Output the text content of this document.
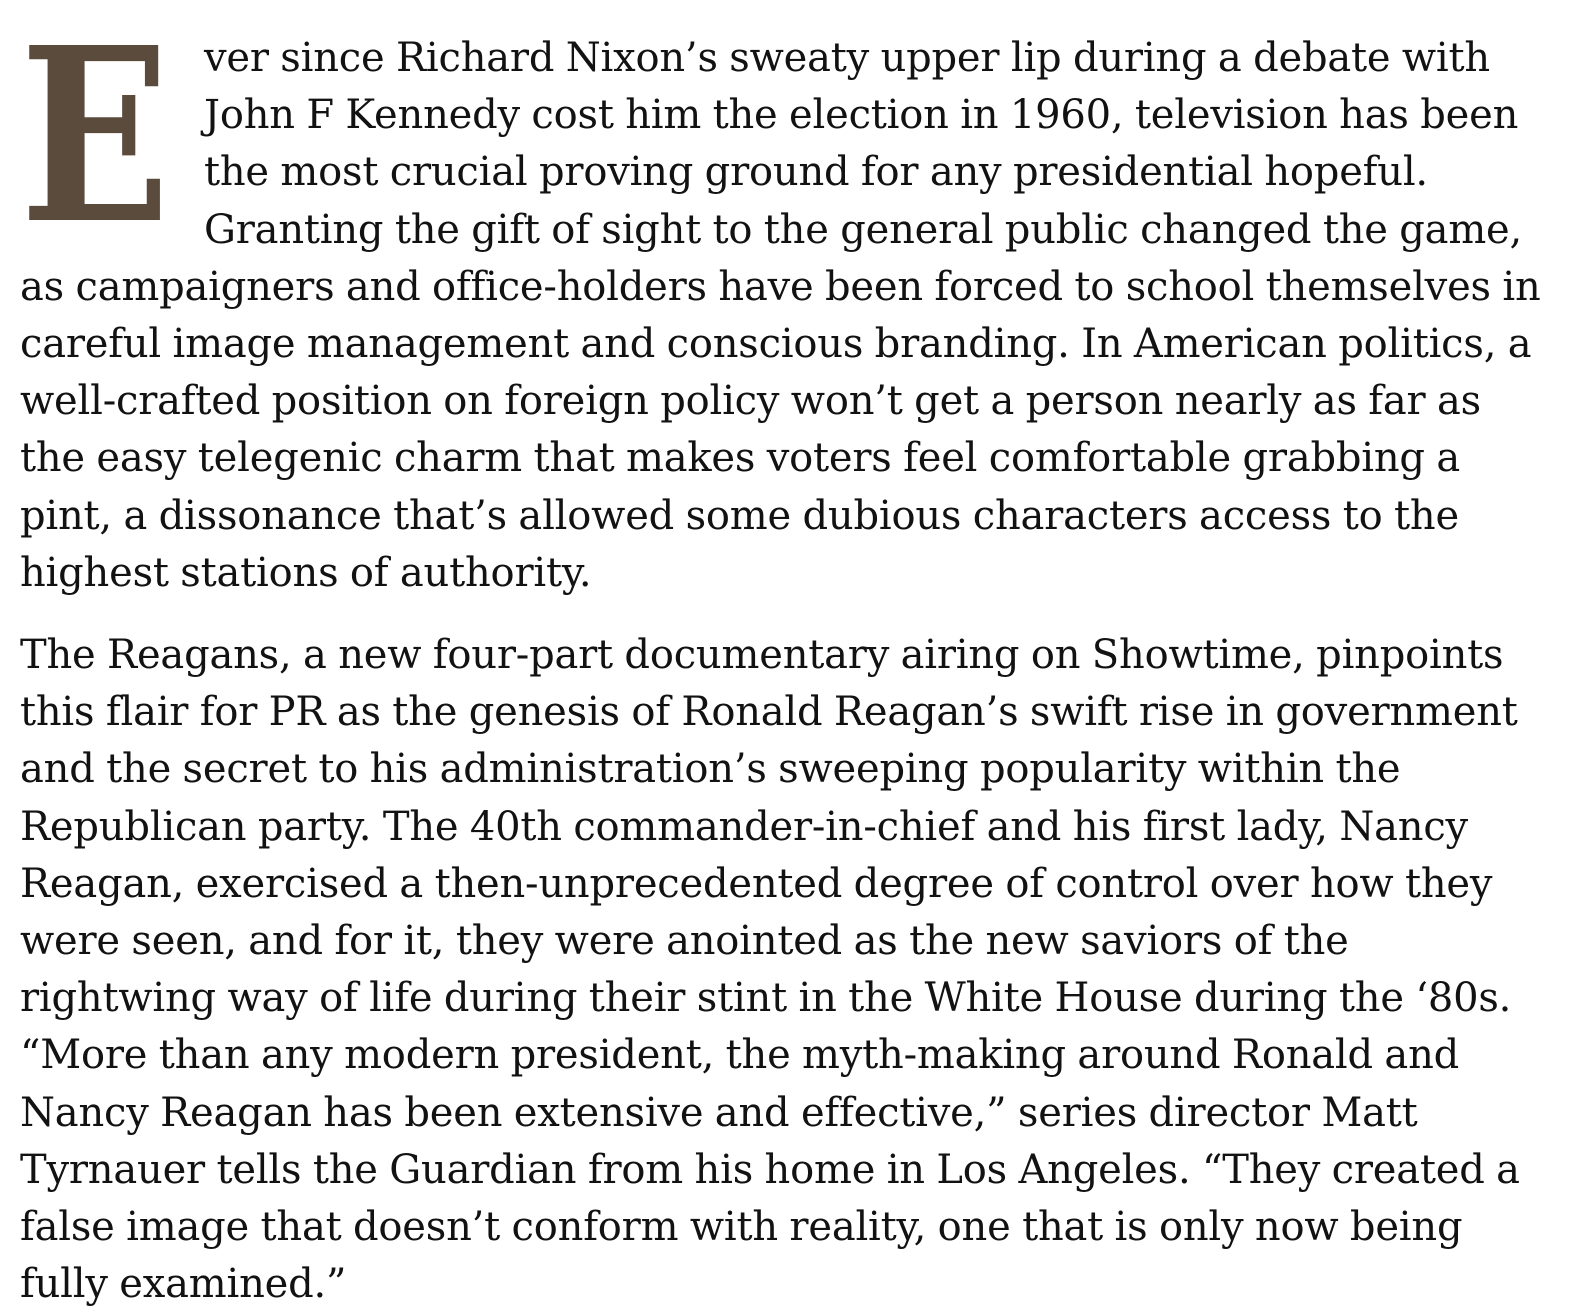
E ver since Richard Nixon’s sweaty upper lip during a debate with John F Kennedy cost him the election in 1960, television has been the most crucial proving ground for any presidential hopeful. Granting the gift of sight to the general public changed the game, as campaigners and office-holders have been forced to school themselves in careful image management and conscious branding. In American politics, a well-crafted position on foreign policy won’t get a person nearly as far as the easy telegenic charm that makes voters feel comfortable grabbing a pint, a dissonance that’s allowed some dubious characters access to the highest stations of authority.

The Reagans, a new four-part documentary airing on Showtime, pinpoints this flair for PR as the genesis of Ronald Reagan’s swift rise in government and the secret to his administration’s sweeping popularity within the Republican party. The 40th commander-in-chief and his first lady, Nancy Reagan, exercised a then-unprecedented degree of control over how they were seen, and for it, they were anointed as the new saviors of the rightwing way of life during their stint in the White House during the ‘80s. “More than any modern president, the myth-making around Ronald and Nancy Reagan has been extensive and effective,” series director Matt Tyrnauer tells the Guardian from his home in Los Angeles. “They created a false image that doesn’t conform with reality, one that is only now being fully examined.”
